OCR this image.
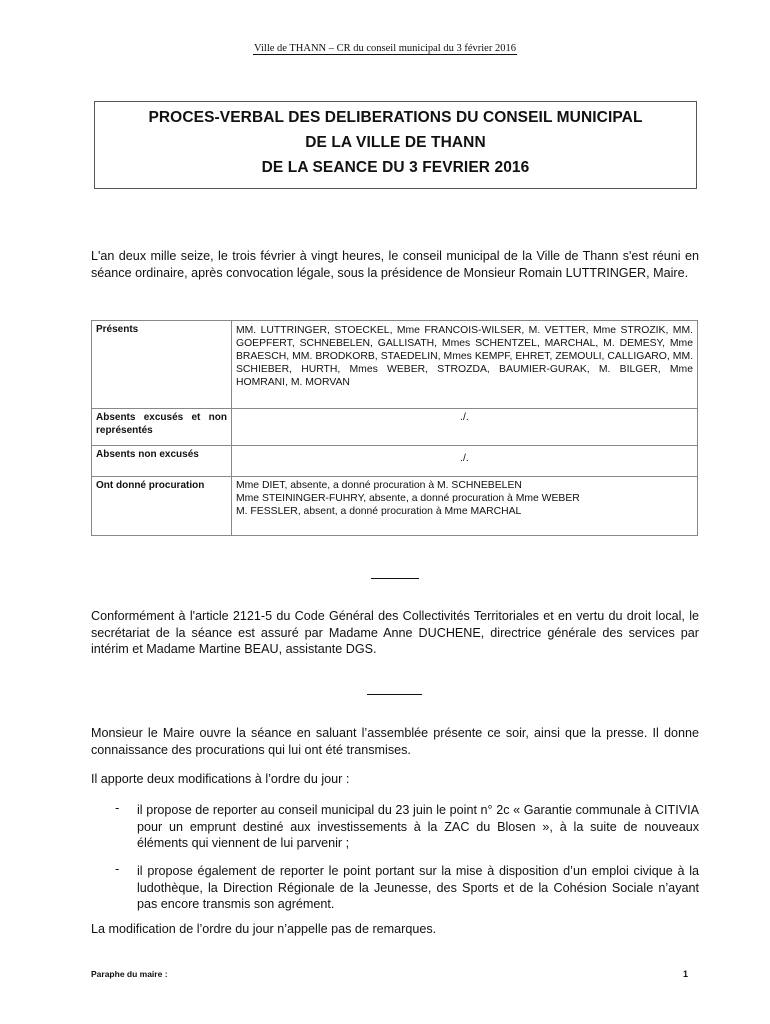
Ville de THANN – CR du conseil municipal du 3 février 2016
PROCES-VERBAL DES DELIBERATIONS DU CONSEIL MUNICIPAL
DE LA VILLE DE THANN
DE LA SEANCE DU 3 FEVRIER 2016
L'an deux mille seize, le trois février à vingt heures, le conseil municipal de la Ville de Thann s'est réuni en séance ordinaire, après convocation légale, sous la présidence de Monsieur Romain LUTTRINGER, Maire.
Présents	MM. LUTTRINGER, STOECKEL, Mme FRANCOIS-WILSER, M. VETTER, Mme STROZIK, MM. GOEPFERT, SCHNEBELEN, GALLISATH, Mmes SCHENTZEL, MARCHAL, M. DEMESY, Mme BRAESCH, MM. BRODKORB, STAEDELIN, Mmes KEMPF, EHRET, ZEMOULI, CALLIGARO, MM. SCHIEBER, HURTH, Mmes WEBER, STROZDA, BAUMIER-GURAK, M. BILGER, Mme HOMRANI, M. MORVAN
Absents excusés et non représentés	./.
Absents non excusés	./.
Ont donné procuration	Mme DIET, absente, a donné procuration à M. SCHNEBELEN
Mme STEININGER-FUHRY, absente, a donné procuration à Mme WEBER
M. FESSLER, absent, a donné procuration à Mme MARCHAL
Conformément à l'article 2121-5 du Code Général des Collectivités Territoriales et en vertu du droit local, le secrétariat de la séance est assuré par Madame Anne DUCHENE, directrice générale des services par intérim et Madame Martine BEAU, assistante DGS.
Monsieur le Maire ouvre la séance en saluant l’assemblée présente ce soir, ainsi que la presse. Il donne connaissance des procurations qui lui ont été transmises.
Il apporte deux modifications à l’ordre du jour :
- il propose de reporter au conseil municipal du 23 juin le point n° 2c « Garantie communale à CITIVIA pour un emprunt destiné aux investissements à la ZAC du Blosen », à la suite de nouveaux éléments qui viennent de lui parvenir ;
- il propose également de reporter le point portant sur la mise à disposition d’un emploi civique à la ludothèque, la Direction Régionale de la Jeunesse, des Sports et de la Cohésion Sociale n’ayant pas encore transmis son agrément.
La modification de l’ordre du jour n’appelle pas de remarques.
Paraphe du maire :	1
